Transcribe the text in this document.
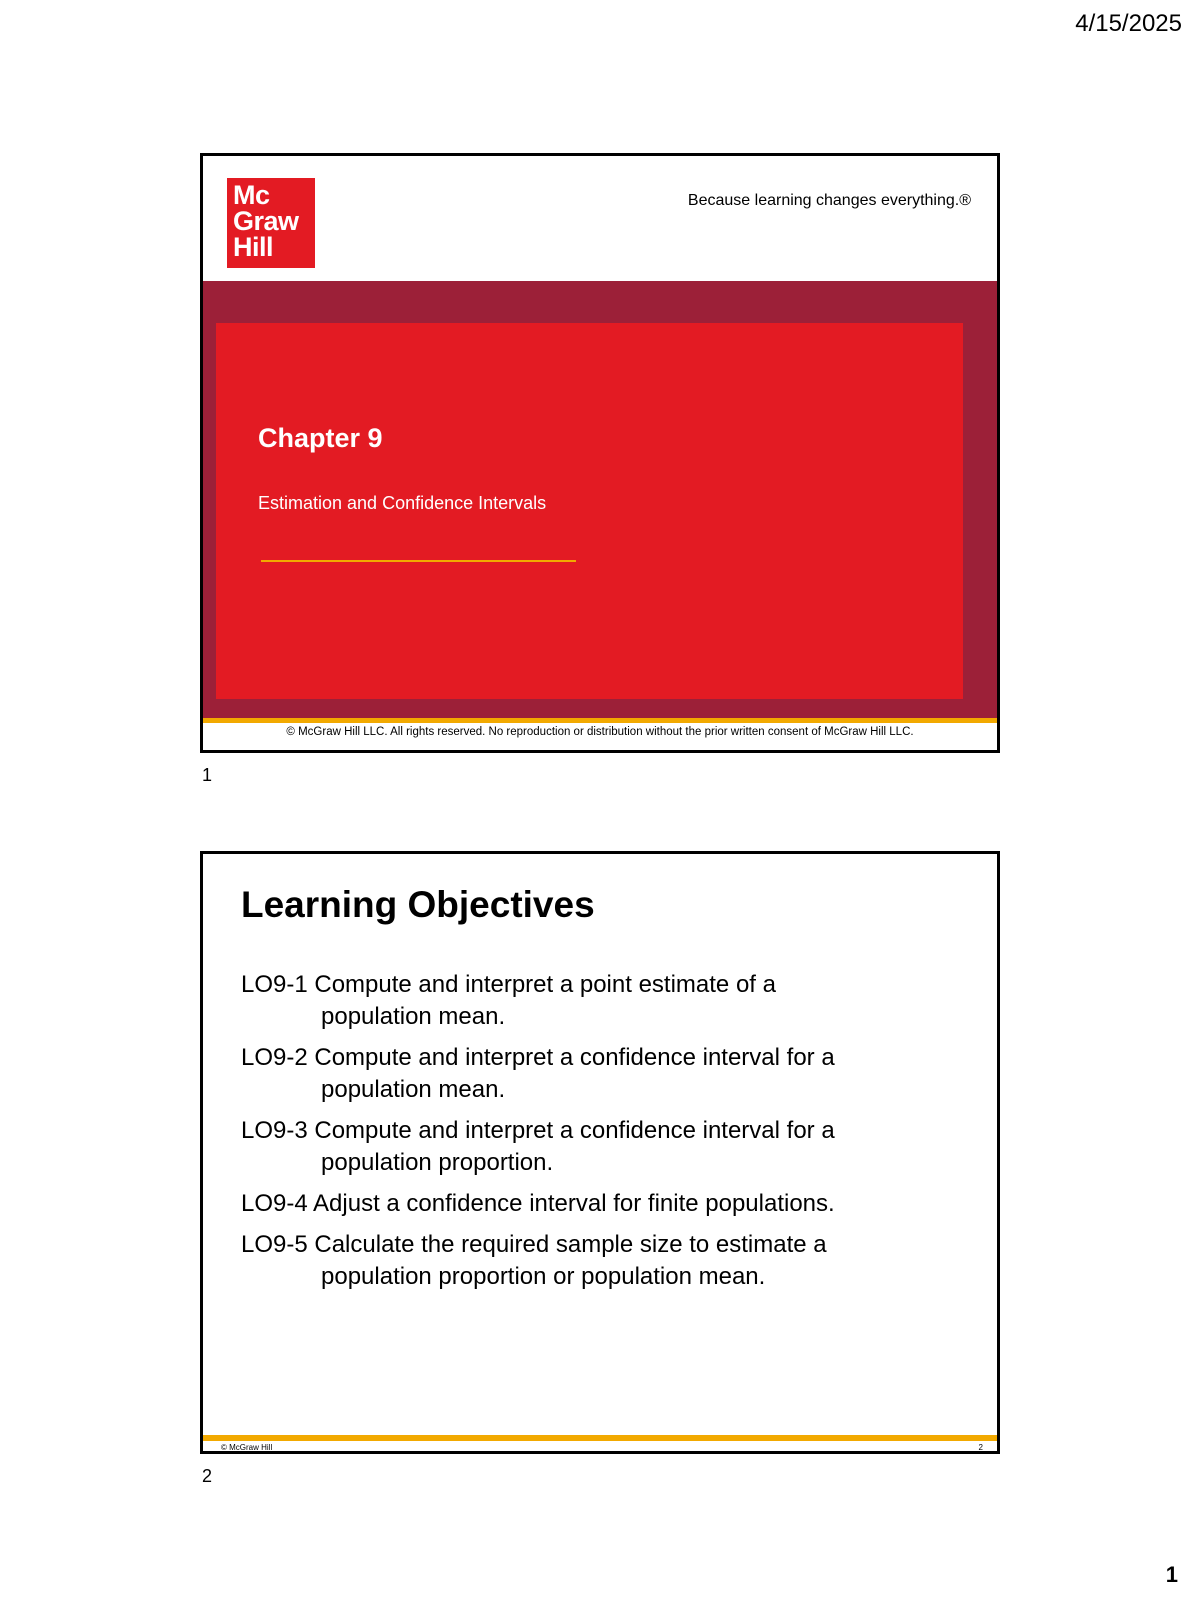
4/15/2025
Mc
Graw
Hill
Because learning changes everything.®
Chapter 9
Estimation and Confidence Intervals
© McGraw Hill LLC. All rights reserved. No reproduction or distribution without the prior written consent of McGraw Hill LLC.
1
Learning Objectives
LO9-1 Compute and interpret a point estimate of a
population mean.
LO9-2 Compute and interpret a confidence interval for a
population mean.
LO9-3 Compute and interpret a confidence interval for a
population proportion.
LO9-4 Adjust a confidence interval for finite populations.
LO9-5 Calculate the required sample size to estimate a
population proportion or population mean.
© McGraw Hill	2
2
1
